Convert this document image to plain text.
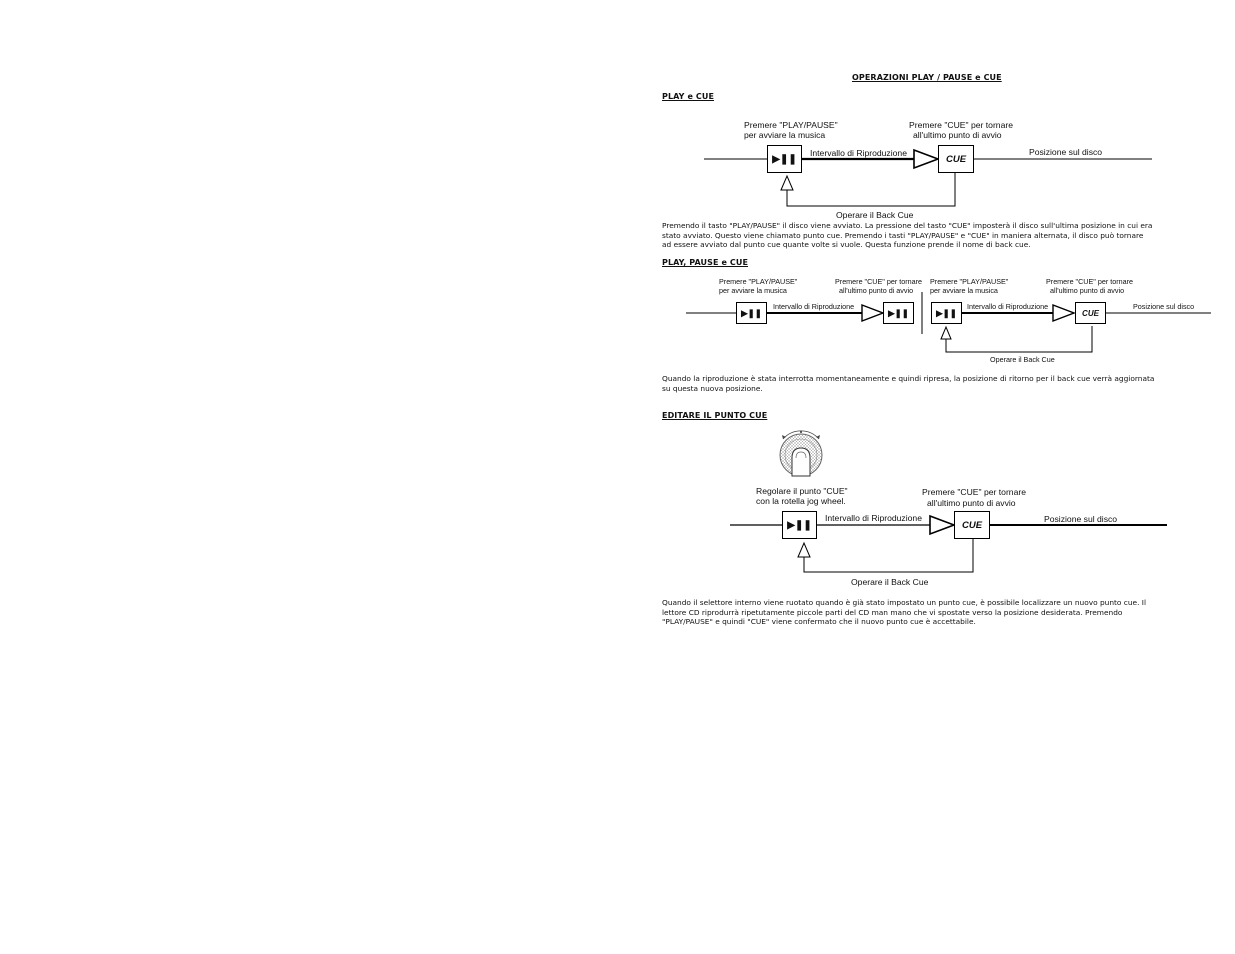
OPERAZIONI PLAY / PAUSE e CUE
PLAY e CUE
Premere "PLAY/PAUSE"
per avviare la musica
Premere "CUE" per tornare
all'ultimo punto di avvio
Intervallo di Riproduzione	Posizione sul disco
Operare il Back Cue
▶❚❚	CUE
Premendo il tasto "PLAY/PAUSE" il disco viene avviato. La pressione del tasto "CUE" imposterà il disco sull'ultima posizione in cui era
stato avviato. Questo viene chiamato punto cue. Premendo i tasti "PLAY/PAUSE" e "CUE" in maniera alternata, il disco può tornare
ad essere avviato dal punto cue quante volte si vuole. Questa funzione prende il nome di back cue.
PLAY, PAUSE e CUE
Premere "PLAY/PAUSE"
per avviare la musica
Premere "CUE" per tornare
all'ultimo punto di avvio
Premere "PLAY/PAUSE"
per avviare la musica
Premere "CUE" per tornare
all'ultimo punto di avvio
Intervallo di Riproduzione	Intervallo di Riproduzione	Posizione sul disco
Operare il Back Cue
▶❚❚	▶❚❚	▶❚❚	CUE
Quando la riproduzione è stata interrotta momentaneamente e quindi ripresa, la posizione di ritorno per il back cue verrà aggiornata
su questa nuova posizione.
EDITARE IL PUNTO CUE
Regolare il punto "CUE"
con la rotella jog wheel.
Premere "CUE" per tornare
all'ultimo punto di avvio
Intervallo di Riproduzione	Posizione sul disco
Operare il Back Cue
▶❚❚	CUE
Quando il selettore interno viene ruotato quando è già stato impostato un punto cue, è possibile localizzare un nuovo punto cue. Il
lettore CD riprodurrà ripetutamente piccole parti del CD man mano che vi spostate verso la posizione desiderata. Premendo
"PLAY/PAUSE" e quindi "CUE" viene confermato che il nuovo punto cue è accettabile.
